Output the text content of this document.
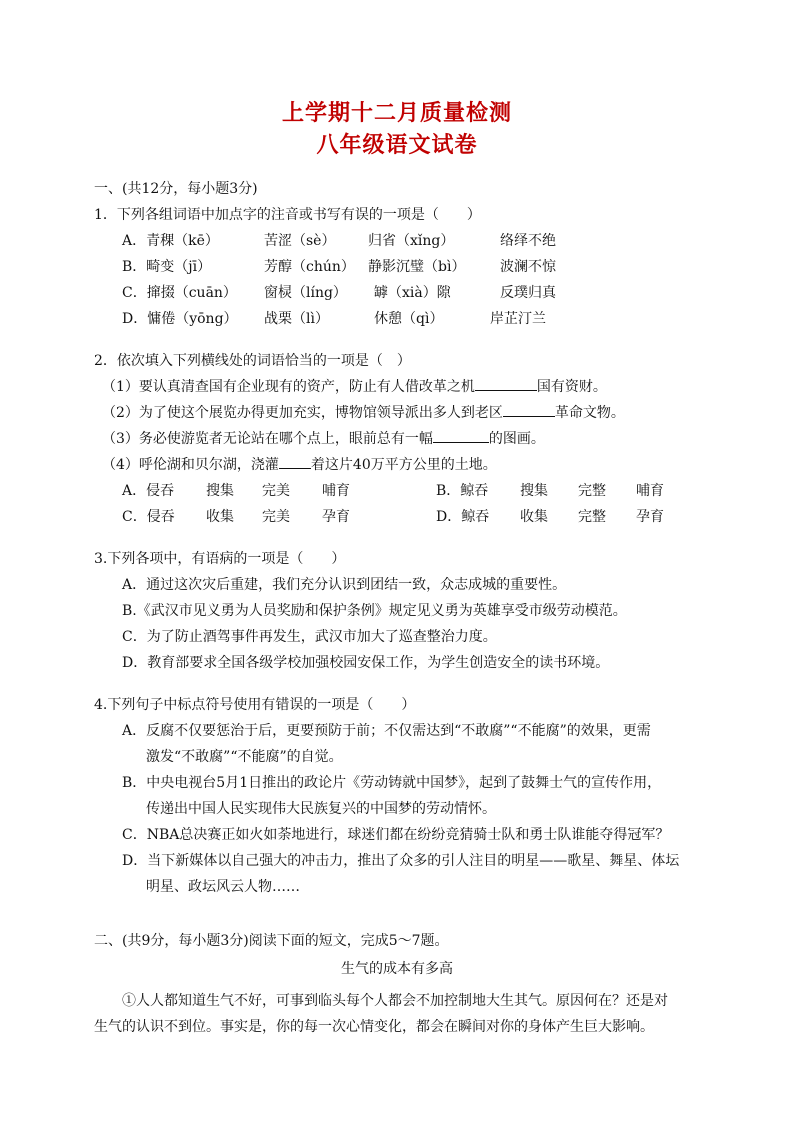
上学期十二月质量检测
八年级语文试卷
一、(共12分，每小题3分)
1．下列各组词语中加点字的注音或书写有误的一项是（　　）
A．青稞（kē）	苦涩（sè） 归省（xǐng）	络绎不绝
B．畸变（jī）	芳醇（chún） 静影沉璧（bì） 波澜不惊
C．撺掇（cuān） 窗棂（líng） 罅（xià）隙	反璞归真
D．慵倦（yōng） 战栗（lì）	休憩（qì）	岸芷汀兰
2．依次填入下列横线处的词语恰当的一项是（　）
（1）要认真清查国有企业现有的资产，防止有人借改革之机	国有资财。
（2）为了使这个展览办得更加充实，博物馆领导派出多人到老区	革命文物。
（3）务必使游览者无论站在哪个点上，眼前总有一幅	的图画。
（4）呼伦湖和贝尔湖，浇灌 着这片40万平方公里的土地。
A．侵吞 搜集 完美 哺育	B．鲸吞 搜集 完整 哺育
C．侵吞 收集 完美 孕育	D．鲸吞 收集 完整 孕育
3.下列各项中，有语病的一项是（　　）
A．通过这次灾后重建，我们充分认识到团结一致，众志成城的重要性。
B.《武汉市见义勇为人员奖励和保护条例》规定见义勇为英雄享受市级劳动模范。
C．为了防止酒驾事件再发生，武汉市加大了巡查整治力度。
D．教育部要求全国各级学校加强校园安保工作，为学生创造安全的读书环境。
4.下列句子中标点符号使用有错误的一项是（　　）
A．反腐不仅要惩治于后，更要预防于前；不仅需达到“不敢腐”“不能腐”的效果，更需
激发“不敢腐”“不能腐”的自觉。
B．中央电视台5月1日推出的政论片《劳动铸就中国梦》，起到了鼓舞士气的宣传作用，
传递出中国人民实现伟大民族复兴的中国梦的劳动情怀。
C．NBA总决赛正如火如荼地进行，球迷们都在纷纷竞猜骑士队和勇士队谁能夺得冠军？
D．当下新媒体以自己强大的冲击力，推出了众多的引人注目的明星——歌星、舞星、体坛
明星、政坛风云人物……
二、(共9分，每小题3分)阅读下面的短文，完成5～7题。
生气的成本有多高
①人人都知道生气不好，可事到临头每个人都会不加控制地大生其气。原因何在？还是对
生气的认识不到位。事实是，你的每一次心情变化，都会在瞬间对你的身体产生巨大影响。
